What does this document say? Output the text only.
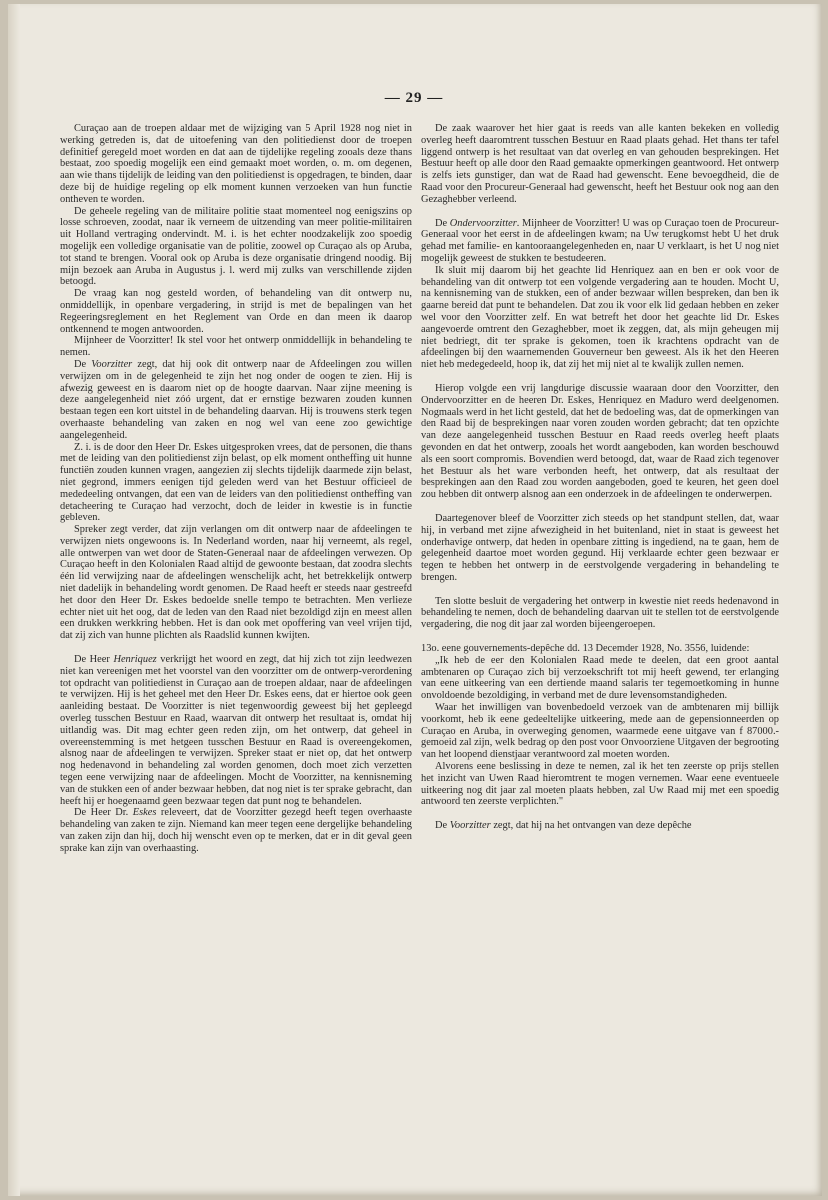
— 29 —

Curaçao aan de troepen aldaar met de wijziging van 5 April 1928 nog niet in werking getreden is, dat de uitoefening van den politiedienst door de troepen definitief geregeld moet worden en dat aan de tijdelijke regeling zooals deze thans bestaat, zoo spoedig mogelijk een eind gemaakt moet worden, o. m. om degenen, aan wie thans tijdelijk de leiding van den politiedienst is opgedragen, te binden, daar deze bij de huidige regeling op elk moment kunnen verzoeken van hun functie ontheven te worden.

De geheele regeling van de militaire politie staat momenteel nog eenigszins op losse schroeven, zoodat, naar ik verneem de uitzending van meer politie-militairen uit Holland vertraging ondervindt. M. i. is het echter noodzakelijk zoo spoedig mogelijk een volledige organisatie van de politie, zoowel op Curaçao als op Aruba, tot stand te brengen. Vooral ook op Aruba is deze organisatie dringend noodig. Bij mijn bezoek aan Aruba in Augustus j. l. werd mij zulks van verschillende zijden betoogd.

De vraag kan nog gesteld worden, of behandeling van dit ontwerp nu, onmiddellijk, in openbare vergadering, in strijd is met de bepalingen van het Regeeringsreglement en het Reglement van Orde en dan meen ik daarop ontkennend te mogen antwoorden.

Mijnheer de Voorzitter! Ik stel voor het ontwerp onmiddellijk in behandeling te nemen.

De Voorzitter zegt, dat hij ook dit ontwerp naar de Afdeelingen zou willen verwijzen om in de gelegenheid te zijn het nog onder de oogen te zien. Hij is afwezig geweest en is daarom niet op de hoogte daarvan. Naar zijne meening is deze aangelegenheid niet zóó urgent, dat er ernstige bezwaren zouden kunnen bestaan tegen een kort uitstel in de behandeling daarvan. Hij is trouwens sterk tegen overhaaste behandeling van zaken en nog wel van eene zoo gewichtige aangelegenheid.

Z. i. is de door den Heer Dr. Eskes uitgesproken vrees, dat de personen, die thans met de leiding van den politiedienst zijn belast, op elk moment ontheffing uit hunne functiën zouden kunnen vragen, aangezien zij slechts tijdelijk daarmede zijn belast, niet gegrond, immers eenigen tijd geleden werd van het Bestuur officieel de mededeeling ontvangen, dat een van de leiders van den politiedienst ontheffing van detacheering te Curaçao had verzocht, doch de leider in kwestie is in functie gebleven.

Spreker zegt verder, dat zijn verlangen om dit ontwerp naar de afdeelingen te verwijzen niets ongewoons is. In Nederland worden, naar hij verneemt, als regel, alle ontwerpen van wet door de Staten-Generaal naar de afdeelingen verwezen. Op Curaçao heeft in den Kolonialen Raad altijd de gewoonte bestaan, dat zoodra slechts één lid verwijzing naar de afdeelingen wenschelijk acht, het betrekkelijk ontwerp niet dadelijk in behandeling wordt genomen. De Raad heeft er steeds naar gestreefd het door den Heer Dr. Eskes bedoelde snelle tempo te betrachten. Men verlieze echter niet uit het oog, dat de leden van den Raad niet bezoldigd zijn en meest allen een drukken werkkring hebben. Het is dan ook met opoffering van veel vrijen tijd, dat zij zich van hunne plichten als Raadslid kunnen kwijten.

De Heer Henriquez verkrijgt het woord en zegt, dat hij zich tot zijn leedwezen niet kan vereenigen met het voorstel van den voorzitter om de ontwerp-verordening tot opdracht van politiedienst in Curaçao aan de troepen aldaar, naar de afdeelingen te verwijzen. Hij is het geheel met den Heer Dr. Eskes eens, dat er hiertoe ook geen aanleiding bestaat. De Voorzitter is niet tegenwoordig geweest bij het gepleegd overleg tusschen Bestuur en Raad, waarvan dit ontwerp het resultaat is, omdat hij uitlandig was. Dit mag echter geen reden zijn, om het ontwerp, dat geheel in overeenstemming is met hetgeen tusschen Bestuur en Raad is overeengekomen, alsnog naar de afdeelingen te verwijzen. Spreker staat er niet op, dat het ontwerp nog hedenavond in behandeling zal worden genomen, doch moet zich verzetten tegen eene verwijzing naar de afdeelingen. Mocht de Voorzitter, na kennisneming van de stukken een of ander bezwaar hebben, dat nog niet is ter sprake gebracht, dan heeft hij er hoegenaamd geen bezwaar tegen dat punt nog te behandelen.

De Heer Dr. Eskes releveert, dat de Voorzitter gezegd heeft tegen overhaaste behandeling van zaken te zijn. Niemand kan meer tegen eene dergelijke behandeling van zaken zijn dan hij, doch hij wenscht even op te merken, dat er in dit geval geen sprake kan zijn van overhaasting.

De zaak waarover het hier gaat is reeds van alle kanten bekeken en volledig overleg heeft daaromtrent tusschen Bestuur en Raad plaats gehad. Het thans ter tafel liggend ontwerp is het resultaat van dat overleg en van gehouden besprekingen. Het Bestuur heeft op alle door den Raad gemaakte opmerkingen geantwoord. Het ontwerp is zelfs iets gunstiger, dan wat de Raad had gewenscht. Eene bevoegdheid, die de Raad voor den Procureur-Generaal had gewenscht, heeft het Bestuur ook nog aan den Gezaghebber verleend.

De Ondervoorzitter. Mijnheer de Voorzitter! U was op Curaçao toen de Procureur-Generaal voor het eerst in de afdeelingen kwam; na Uw terugkomst hebt U het druk gehad met familie- en kantooraangelegenheden en, naar U verklaart, is het U nog niet mogelijk geweest de stukken te bestudeeren.

Ik sluit mij daarom bij het geachte lid Henriquez aan en ben er ook voor de behandeling van dit ontwerp tot een volgende vergadering aan te houden. Mocht U, na kennisneming van de stukken, een of ander bezwaar willen bespreken, dan ben ik gaarne bereid dat punt te behandelen. Dat zou ik voor elk lid gedaan hebben en zeker wel voor den Voorzitter zelf. En wat betreft het door het geachte lid Dr. Eskes aangevoerde omtrent den Gezaghebber, moet ik zeggen, dat, als mijn geheugen mij niet bedriegt, dit ter sprake is gekomen, toen ik krachtens opdracht van de afdeelingen bij den waarnemenden Gouverneur ben geweest. Als ik het den Heeren niet heb medegedeeld, hoop ik, dat zij het mij niet al te kwalijk zullen nemen.

Hierop volgde een vrij langdurige discussie waaraan door den Voorzitter, den Ondervoorzitter en de heeren Dr. Eskes, Henriquez en Maduro werd deelgenomen. Nogmaals werd in het licht gesteld, dat het de bedoeling was, dat de opmerkingen van den Raad bij de besprekingen naar voren zouden worden gebracht; dat ten opzichte van deze aangelegenheid tusschen Bestuur en Raad reeds overleg heeft plaats gevonden en dat het ontwerp, zooals het wordt aangeboden, kan worden beschouwd als een soort compromis. Bovendien werd betoogd, dat, waar de Raad zich tegenover het Bestuur als het ware verbonden heeft, het ontwerp, dat als resultaat der besprekingen aan den Raad zou worden aangeboden, goed te keuren, het geen doel zou hebben dit ontwerp alsnog aan een onderzoek in de afdeelingen te onderwerpen.

Daartegenover bleef de Voorzitter zich steeds op het standpunt stellen, dat, waar hij, in verband met zijne afwezigheid in het buitenland, niet in staat is geweest het onderhavige ontwerp, dat heden in openbare zitting is ingediend, na te gaan, hem de gelegenheid daartoe moet worden gegund. Hij verklaarde echter geen bezwaar er tegen te hebben het ontwerp in de eerstvolgende vergadering in behandeling te brengen.

Ten slotte besluit de vergadering het ontwerp in kwestie niet reeds hedenavond in behandeling te nemen, doch de behandeling daarvan uit te stellen tot de eerstvolgende vergadering, die nog dit jaar zal worden bijeengeroepen.

13o. eene gouvernements-depêche dd. 13 Decemder 1928, No. 3556, luidende:

„Ik heb de eer den Kolonialen Raad mede te deelen, dat een groot aantal ambtenaren op Curaçao zich bij verzoekschrift tot mij heeft gewend, ter erlanging van eene uitkeering van een dertiende maand salaris ter tegemoetkoming in hunne onvoldoende bezoldiging, in verband met de dure levensomstandigheden.

Waar het inwilligen van bovenbedoeld verzoek van de ambtenaren mij billijk voorkomt, heb ik eene gedeeltelijke uitkeering, mede aan de gepensionneerden op Curaçao en Aruba, in overweging genomen, waarmede eene uitgave van f 87000.- gemoeid zal zijn, welk bedrag op den post voor Onvoorziene Uitgaven der begrooting van het loopend dienstjaar verantwoord zal moeten worden.

Alvorens eene beslissing in deze te nemen, zal ik het ten zeerste op prijs stellen het inzicht van Uwen Raad hieromtrent te mogen vernemen. Waar eene eventueele uitkeering nog dit jaar zal moeten plaats hebben, zal Uw Raad mij met een spoedig antwoord ten zeerste verplichten."

De Voorzitter zegt, dat hij na het ontvangen van deze depêche
